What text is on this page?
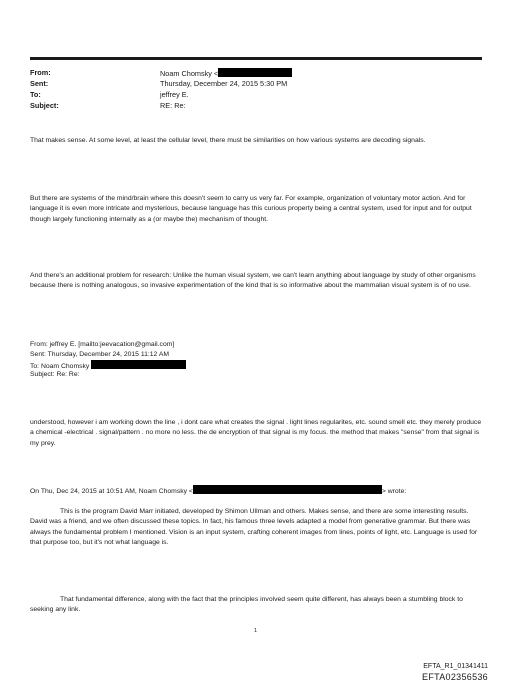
From:	Noam Chomsky <
Sent:	Thursday, December 24, 2015 5:30 PM
To:	jeffrey E.
Subject:	RE: Re:
That makes sense. At some level, at least the cellular level, there must be similarities on how various systems are decoding signals.
But there are systems of the mind/brain where this doesn't seem to carry us very far. For example, organization of voluntary motor action. And for language it is even more intricate and mysterious, because language has this curious property being a central system, used for input and for output though largely functioning internally as a (or maybe the) mechanism of thought.
And there's an additional problem for research: Unlike the human visual system, we can't learn anything about language by study of other organisms because there is nothing analogous, so invasive experimentation of the kind that is so informative about the mammalian visual system is of no use.
From: jeffrey E. [mailto:jeevacation@gmail.com]
Sent: Thursday, December 24, 2015 11:12 AM
To: Noam Chomsky
Subject: Re: Re:
understood, however i am working down the line , i dont care what creates the signal . light lines regularites, etc. sound smell etc. they merely produce a chemical -electrical . signal/pattern . no more no less. the de encryption of that signal is my focus. the method that makes "sense" from that signal is my prey.
On Thu, Dec 24, 2015 at 10:51 AM, Noam Chomsky <	> wrote:
This is the program David Marr initiated, developed by Shimon Ullman and others. Makes sense, and there are some interesting results. David was a friend, and we often discussed these topics. In fact, his famous three levels adapted a model from generative grammar. But there was always the fundamental problem I mentioned. Vision is an input system, crafting coherent images from lines, points of light, etc. Language is used for that purpose too, but it's not what language is.
That fundamental difference, along with the fact that the principles involved seem quite different, has always been a stumbling block to seeking any link.
1
EFTA_R1_01341411
EFTA02356536
